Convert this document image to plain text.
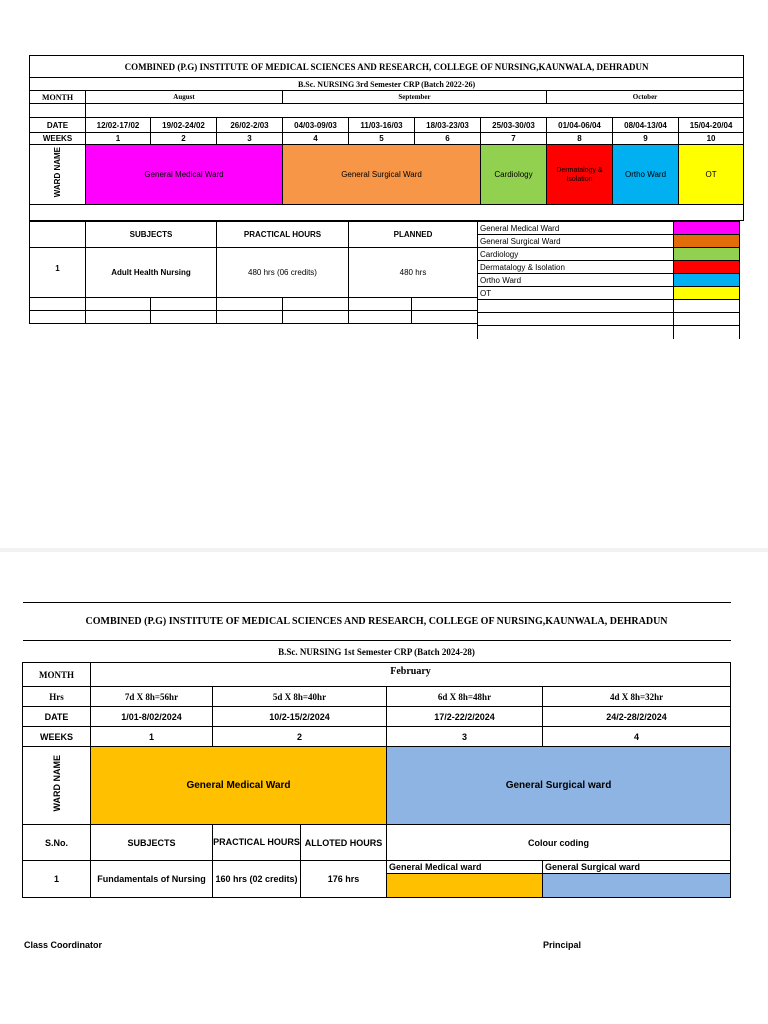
COMBINED (P.G) INSTITUTE OF MEDICAL SCIENCES AND RESEARCH, COLLEGE OF NURSING,KAUNWALA, DEHRADUN										
B.Sc. NURSING 3rd Semester CRP (Batch 2022-26)										
MONTH	August			September				October		

DATE	12/02-17/02	19/02-24/02	26/02-2/03	04/03-09/03	11/03-16/03	18/03-23/03	25/03-30/03	01/04-06/04	08/04-13/04	15/04-20/04
WEEKS	1	2	3	4	5	6	7	8	9	10
WARD NAME	General Medical Ward			General Surgical Ward			Cardiology	Dermatalogy & Isolation	Ortho Ward	OT

	SUBJECTS		PRACTICAL HOURS		PLANNED	
1	Adult Health Nursing		480 hrs (06 credits)		480 hrs	

General Medical Ward	
General Surgical Ward	
Cardiology	
Dermatalogy & Isolation	
Ortho Ward	
OT	

COMBINED (P.G) INSTITUTE OF MEDICAL SCIENCES AND RESEARCH, COLLEGE OF NURSING,KAUNWALA, DEHRADUN					
B.Sc. NURSING 1st Semester CRP (Batch 2024-28)					
MONTH	February				
Hrs	7d X 8h=56hr	5d X 8h=40hr		6d X 8h=48hr	4d X 8h=32hr
DATE	1/01-8/02/2024	10/2-15/2/2024		17/2-22/2/2024	24/2-28/2/2024
WEEKS	1	2		3	4
WARD NAME	General Medical Ward			General Surgical ward	
S.No.	SUBJECTS	PRACTICAL HOURS	ALLOTED HOURS	Colour coding	
1	Fundamentals of Nursing	160 hrs (02 credits)	176 hrs	General Medical ward	General Surgical ward

Class Coordinator	Principal
